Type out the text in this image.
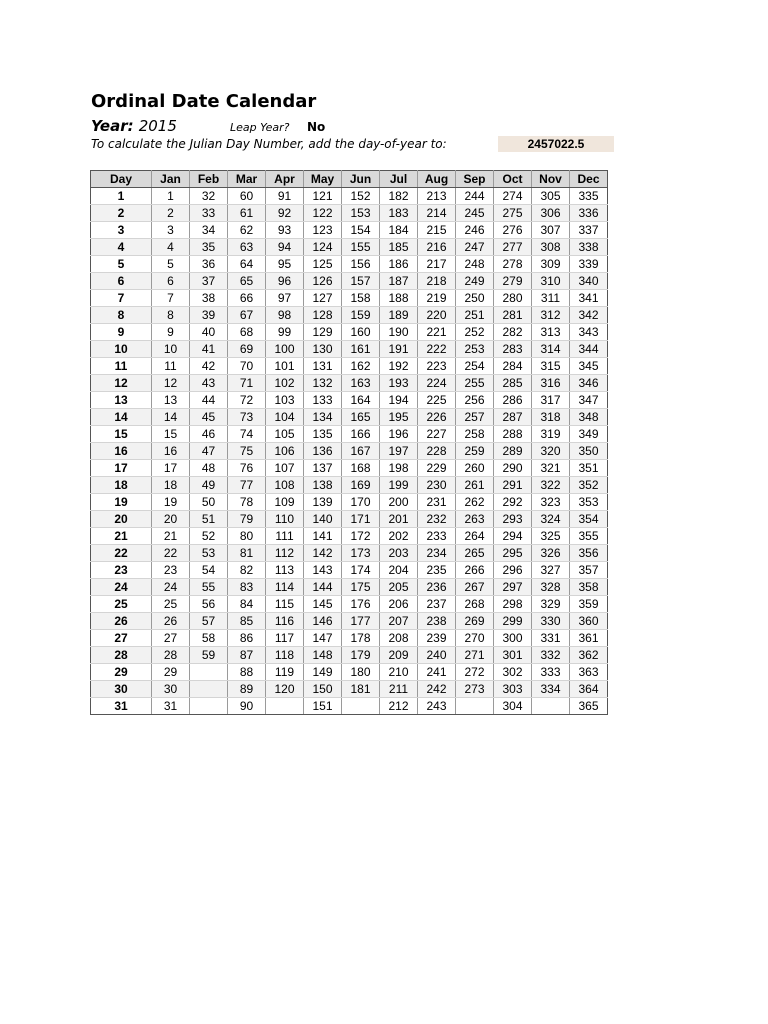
Ordinal Date Calendar
Year: 2015	Leap Year? No
To calculate the Julian Day Number, add the day-of-year to:	2457022.5
Day	Jan	Feb	Mar	Apr	May	Jun	Jul	Aug	Sep	Oct	Nov	Dec
1	1	32	60	91	121	152	182	213	244	274	305	335
2	2	33	61	92	122	153	183	214	245	275	306	336
3	3	34	62	93	123	154	184	215	246	276	307	337
4	4	35	63	94	124	155	185	216	247	277	308	338
5	5	36	64	95	125	156	186	217	248	278	309	339
6	6	37	65	96	126	157	187	218	249	279	310	340
7	7	38	66	97	127	158	188	219	250	280	311	341
8	8	39	67	98	128	159	189	220	251	281	312	342
9	9	40	68	99	129	160	190	221	252	282	313	343
10	10	41	69	100	130	161	191	222	253	283	314	344
11	11	42	70	101	131	162	192	223	254	284	315	345
12	12	43	71	102	132	163	193	224	255	285	316	346
13	13	44	72	103	133	164	194	225	256	286	317	347
14	14	45	73	104	134	165	195	226	257	287	318	348
15	15	46	74	105	135	166	196	227	258	288	319	349
16	16	47	75	106	136	167	197	228	259	289	320	350
17	17	48	76	107	137	168	198	229	260	290	321	351
18	18	49	77	108	138	169	199	230	261	291	322	352
19	19	50	78	109	139	170	200	231	262	292	323	353
20	20	51	79	110	140	171	201	232	263	293	324	354
21	21	52	80	111	141	172	202	233	264	294	325	355
22	22	53	81	112	142	173	203	234	265	295	326	356
23	23	54	82	113	143	174	204	235	266	296	327	357
24	24	55	83	114	144	175	205	236	267	297	328	358
25	25	56	84	115	145	176	206	237	268	298	329	359
26	26	57	85	116	146	177	207	238	269	299	330	360
27	27	58	86	117	147	178	208	239	270	300	331	361
28	28	59	87	118	148	179	209	240	271	301	332	362
29	29		88	119	149	180	210	241	272	302	333	363
30	30		89	120	150	181	211	242	273	303	334	364
31	31		90		151		212	243		304		365
